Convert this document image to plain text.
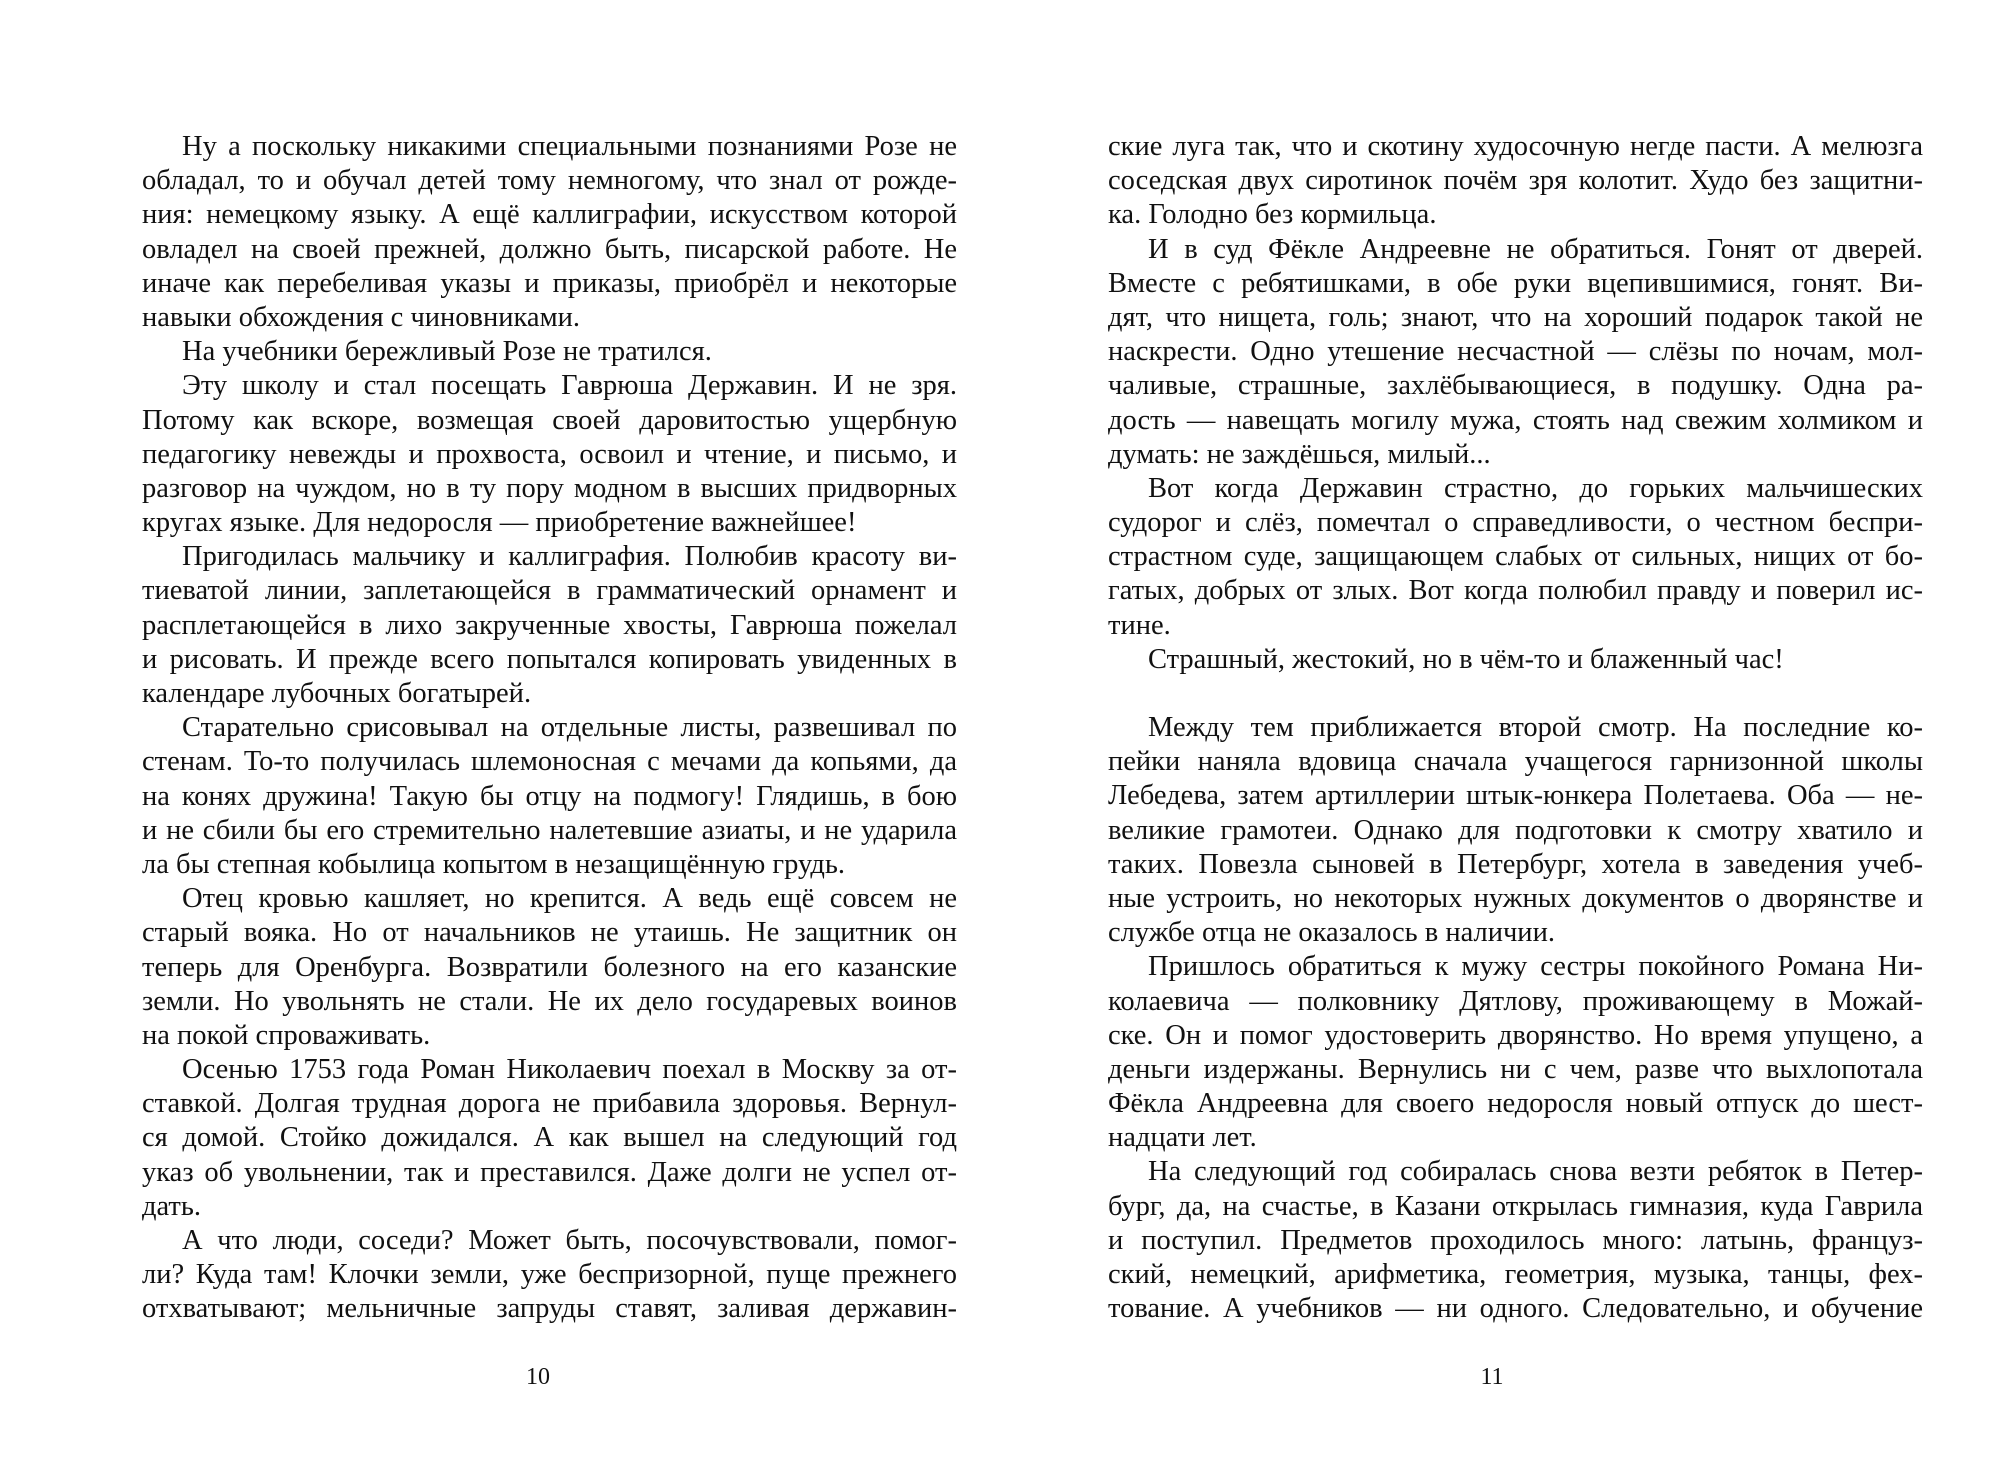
Ну а поскольку никакими специальными познаниями Розе не
обладал, то и обучал детей тому немногому, что знал от рожде-
ния: немецкому языку. А ещё каллиграфии, искусством которой
овладел на своей прежней, должно быть, писарской работе. Не
иначе как перебеливая указы и приказы, приобрёл и некоторые
навыки обхождения с чиновниками.
На учебники бережливый Розе не тратился.
Эту школу и стал посещать Гаврюша Державин. И не зря.
Потому как вскоре, возмещая своей даровитостью ущербную
педагогику невежды и прохвоста, освоил и чтение, и письмо, и
разговор на чуждом, но в ту пору модном в высших придворных
кругах языке. Для недоросля — приобретение важнейшее!
Пригодилась мальчику и каллиграфия. Полюбив красоту ви-
тиеватой линии, заплетающейся в грамматический орнамент и
расплетающейся в лихо закрученные хвосты, Гаврюша пожелал
и рисовать. И прежде всего попытался копировать увиденных в
календаре лубочных богатырей.
Старательно срисовывал на отдельные листы, развешивал по
стенам. То-то получилась шлемоносная с мечами да копьями, да
на конях дружина! Такую бы отцу на подмогу! Глядишь, в бою
и не сбили бы его стремительно налетевшие азиаты, и не ударила
ла бы степная кобылица копытом в незащищённую грудь.
Отец кровью кашляет, но крепится. А ведь ещё совсем не
старый вояка. Но от начальников не утаишь. Не защитник он
теперь для Оренбурга. Возвратили болезного на его казанские
земли. Но увольнять не стали. Не их дело государевых воинов
на покой спроваживать.
Осенью 1753 года Роман Николаевич поехал в Москву за от-
ставкой. Долгая трудная дорога не прибавила здоровья. Вернул-
ся домой. Стойко дожидался. А как вышел на следующий год
указ об увольнении, так и преставился. Даже долги не успел от-
дать.
А что люди, соседи? Может быть, посочувствовали, помог-
ли? Куда там! Клочки земли, уже беспризорной, пуще прежнего
отхватывают; мельничные запруды ставят, заливая державин-
10
ские луга так, что и скотину худосочную негде пасти. А мелюзга
соседская двух сиротинок почём зря колотит. Худо без защитни-
ка. Голодно без кормильца.
И в суд Фёкле Андреевне не обратиться. Гонят от дверей.
Вместе с ребятишками, в обе руки вцепившимися, гонят. Ви-
дят, что нищета, голь; знают, что на хороший подарок такой не
наскрести. Одно утешение несчастной — слёзы по ночам, мол-
чаливые, страшные, захлёбывающиеся, в подушку. Одна ра-
дость — навещать могилу мужа, стоять над свежим холмиком и
думать: не заждёшься, милый...
Вот когда Державин страстно, до горьких мальчишеских
судорог и слёз, помечтал о справедливости, о честном беспри-
страстном суде, защищающем слабых от сильных, нищих от бо-
гатых, добрых от злых. Вот когда полюбил правду и поверил ис-
тине.
Страшный, жестокий, но в чём-то и блаженный час!
Между тем приближается второй смотр. На последние ко-
пейки наняла вдовица сначала учащегося гарнизонной школы
Лебедева, затем артиллерии штык-юнкера Полетаева. Оба — не-
великие грамотеи. Однако для подготовки к смотру хватило и
таких. Повезла сыновей в Петербург, хотела в заведения учеб-
ные устроить, но некоторых нужных документов о дворянстве и
службе отца не оказалось в наличии.
Пришлось обратиться к мужу сестры покойного Романа Ни-
колаевича — полковнику Дятлову, проживающему в Можай-
ске. Он и помог удостоверить дворянство. Но время упущено, а
деньги издержаны. Вернулись ни с чем, разве что выхлопотала
Фёкла Андреевна для своего недоросля новый отпуск до шест-
надцати лет.
На следующий год собиралась снова везти ребяток в Петер-
бург, да, на счастье, в Казани открылась гимназия, куда Гаврила
и поступил. Предметов проходилось много: латынь, француз-
ский, немецкий, арифметика, геометрия, музыка, танцы, фех-
тование. А учебников — ни одного. Следовательно, и обучение
11
